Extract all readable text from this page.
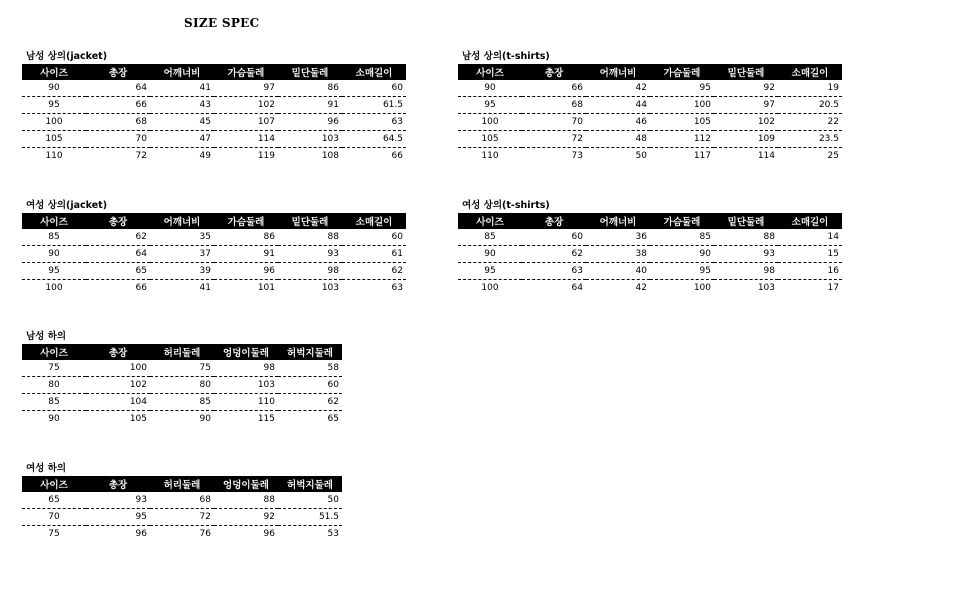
SIZE SPEC
남성 상의(jacket)
사이즈	총장	어깨너비	가슴둘레	밑단둘레	소매길이
90	64	41	97	86	60
95	66	43	102	91	61.5
100	68	45	107	96	63
105	70	47	114	103	64.5
110	72	49	119	108	66
남성 상의(t-shirts)
사이즈	총장	어깨너비	가슴둘레	밑단둘레	소매길이
90	66	42	95	92	19
95	68	44	100	97	20.5
100	70	46	105	102	22
105	72	48	112	109	23.5
110	73	50	117	114	25
여성 상의(jacket)
사이즈	총장	어깨너비	가슴둘레	밑단둘레	소매길이
85	62	35	86	88	60
90	64	37	91	93	61
95	65	39	96	98	62
100	66	41	101	103	63
여성 상의(t-shirts)
사이즈	총장	어깨너비	가슴둘레	밑단둘레	소매길이
85	60	36	85	88	14
90	62	38	90	93	15
95	63	40	95	98	16
100	64	42	100	103	17
남성 하의
사이즈	총장	허리둘레	엉덩이둘레	허벅지둘레
75	100	75	98	58
80	102	80	103	60
85	104	85	110	62
90	105	90	115	65
여성 하의
사이즈	총장	허리둘레	엉덩이둘레	허벅지둘레
65	93	68	88	50
70	95	72	92	51.5
75	96	76	96	53
